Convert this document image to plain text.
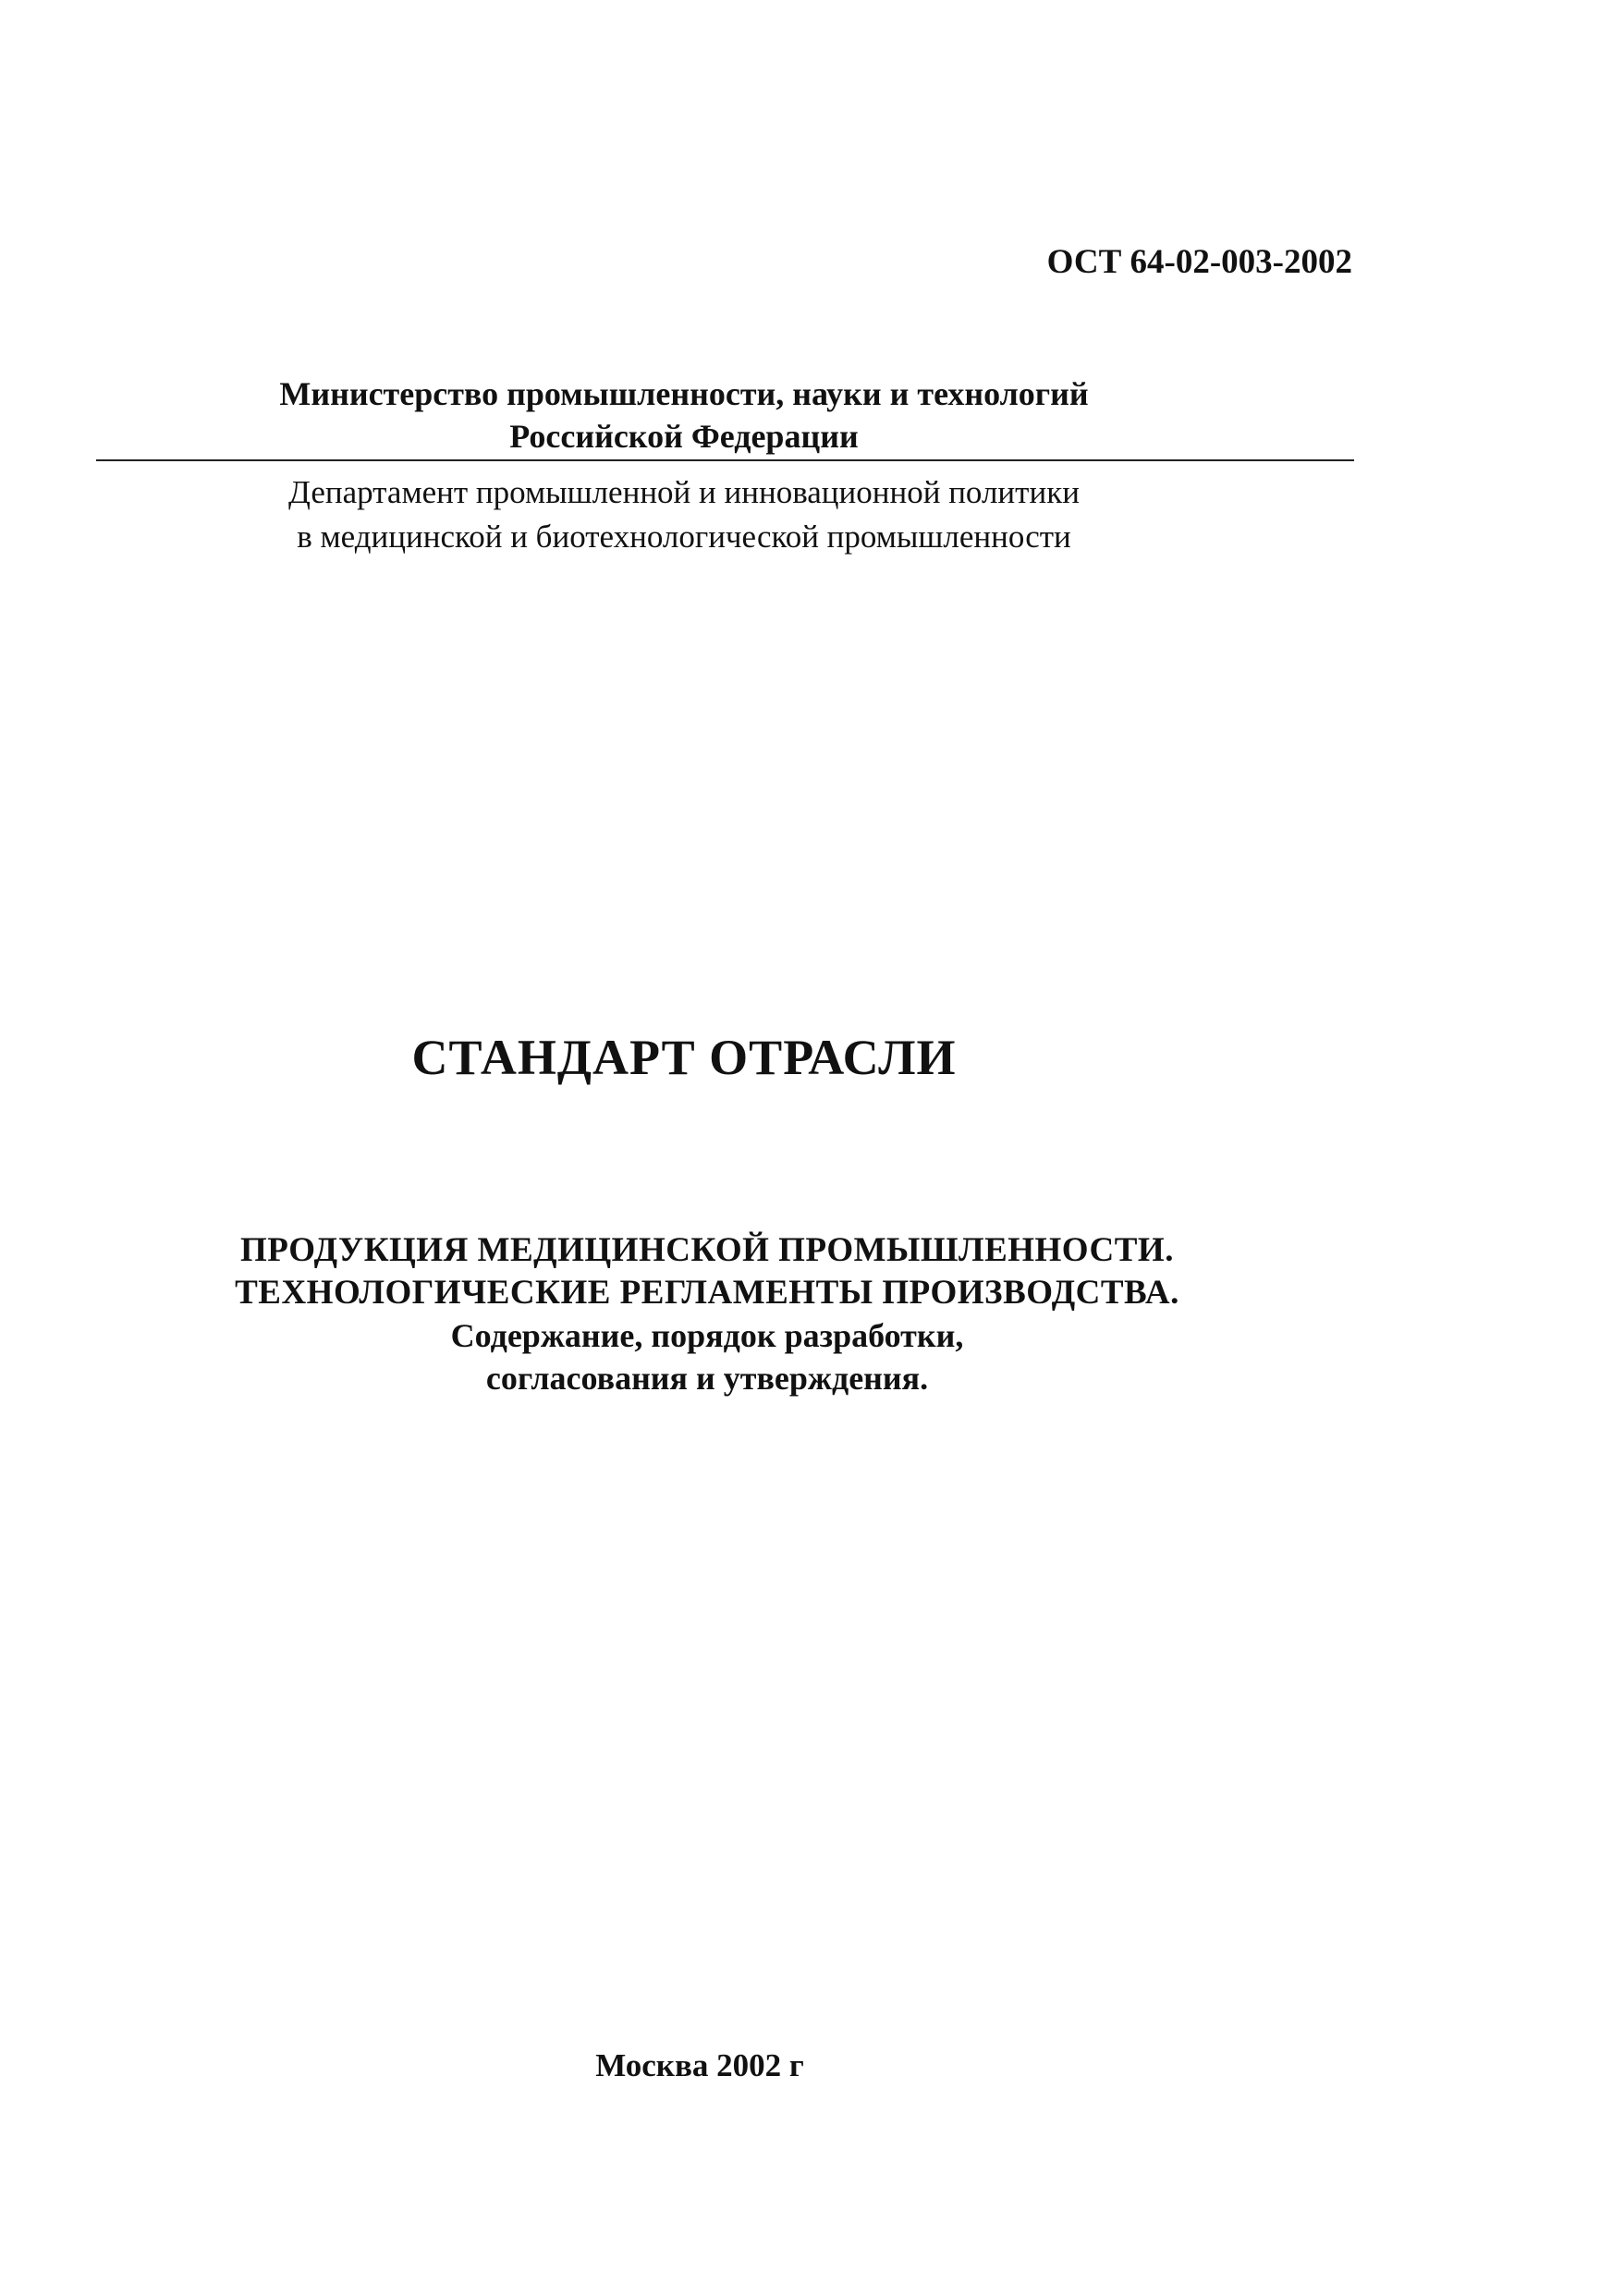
ОСТ 64-02-003-2002
Министерство промышленности, науки и технологий
Российской Федерации
Департамент промышленной и инновационной политики
в медицинской и биотехнологической промышленности
СТАНДАРТ ОТРАСЛИ
ПРОДУКЦИЯ МЕДИЦИНСКОЙ ПРОМЫШЛЕННОСТИ.
ТЕХНОЛОГИЧЕСКИЕ РЕГЛАМЕНТЫ ПРОИЗВОДСТВА.
Содержание, порядок разработки,
согласования и утверждения.
Москва 2002 г
